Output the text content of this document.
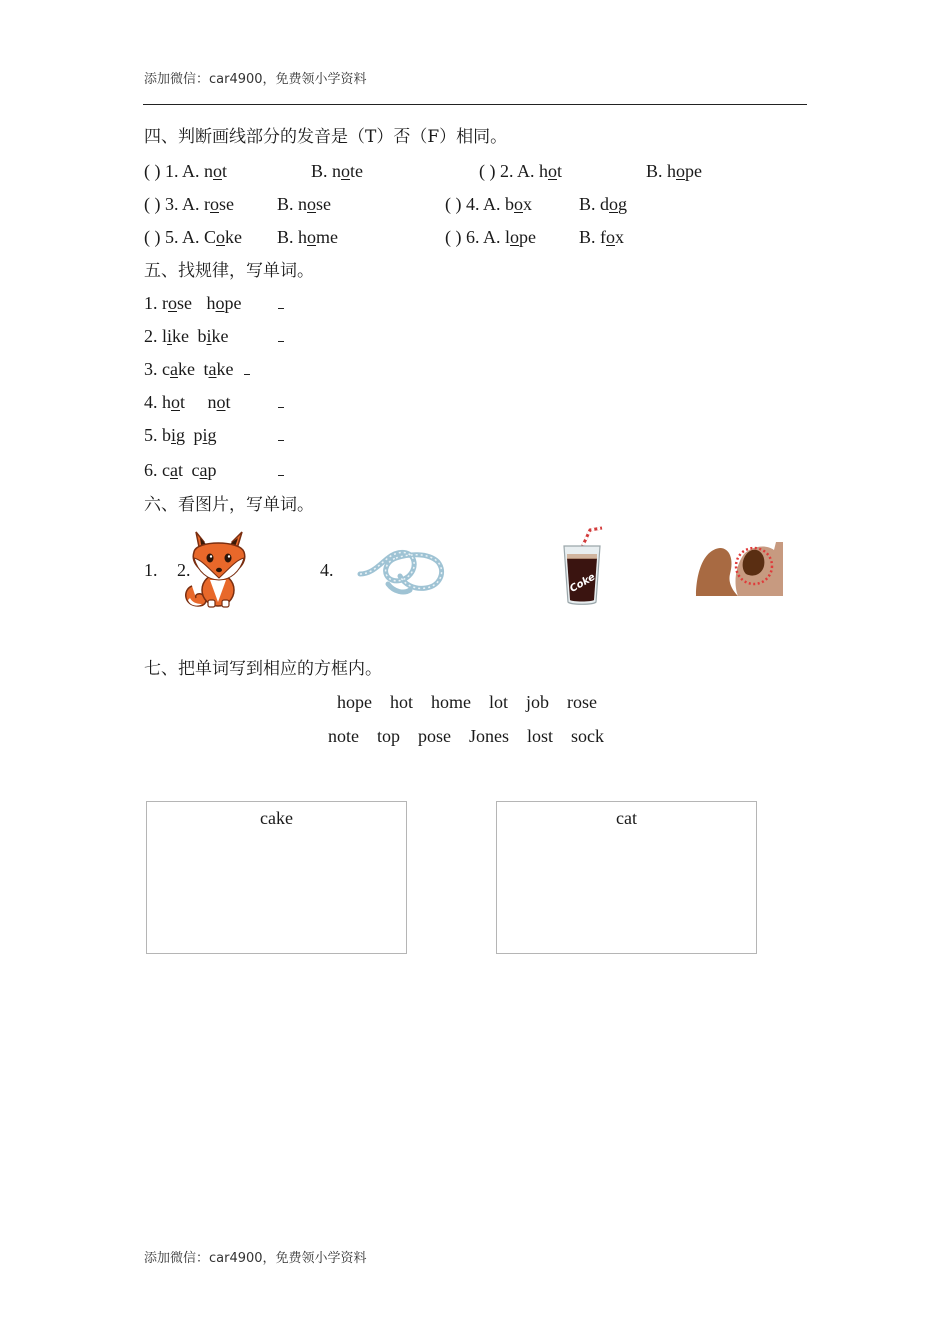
添加微信：car4900，免费领小学资料
四、判断画线部分的发音是（T）否（F）相同。
( ) 1. A. not	B. note	( ) 2. A. hot	B. hope
( ) 3. A. rose B. nose	( ) 4. A. box	B. dog
( ) 5. A. Coke B. home	( ) 6. A. lope B. fox
五、找规律，写单词。
1. rose hope
2. like bike
3. cake take
4. hot not
5. big pig
6. cat cap
六、看图片，写单词。
1. 2.	4.
Coke
七、把单词写到相应的方框内。
hope hot home lot job rose
note top pose Jones lost sock
cake	cat
添加微信：car4900，免费领小学资料
